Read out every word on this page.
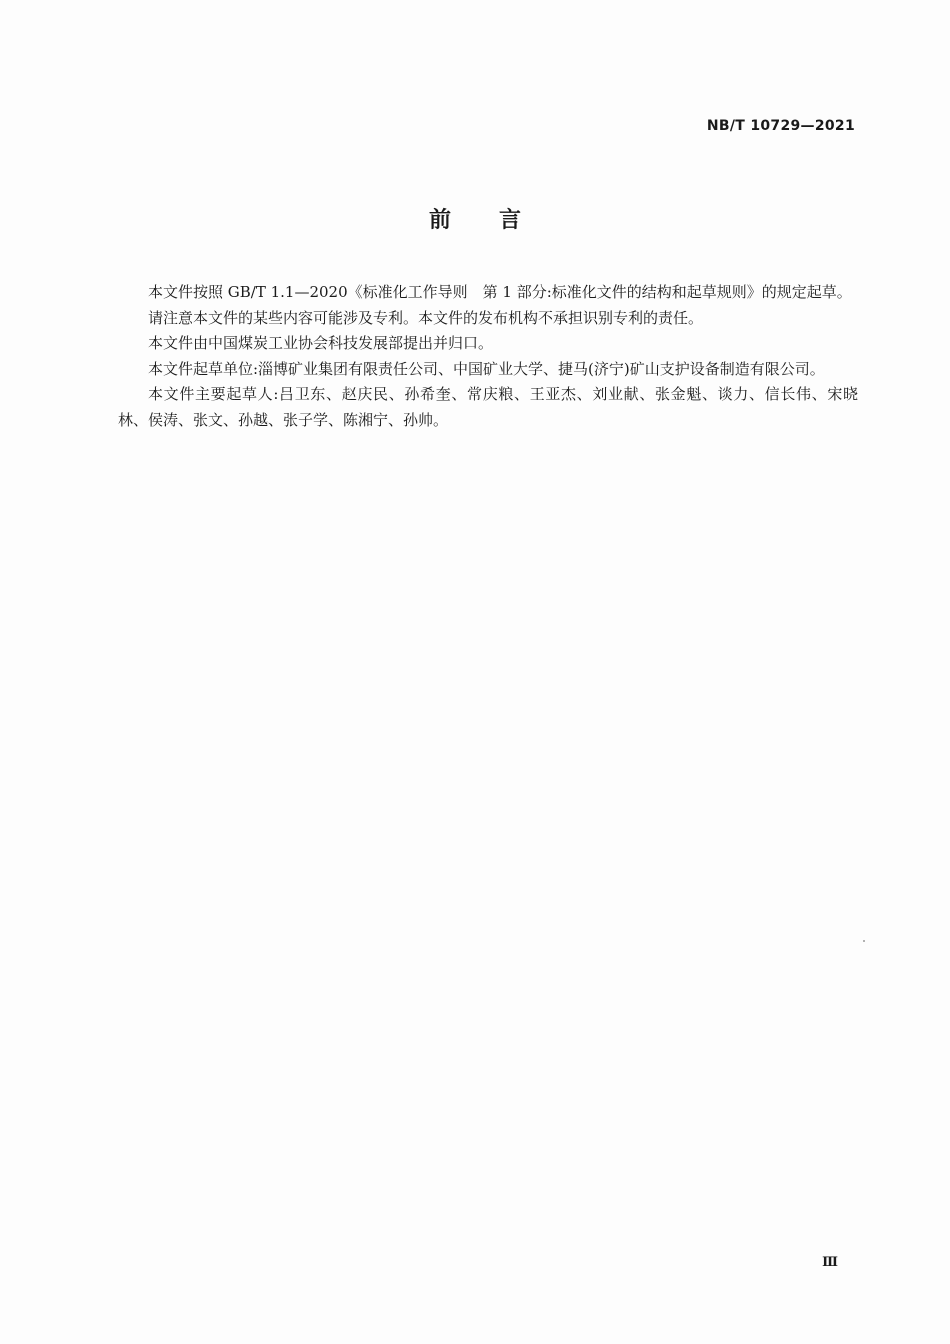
NB/T 10729—2021
前言

本文件按照 GB/T 1.1—2020《标准化工作导则　第 1 部分:标准化文件的结构和起草规则》的规定起草。

请注意本文件的某些内容可能涉及专利。本文件的发布机构不承担识别专利的责任。

本文件由中国煤炭工业协会科技发展部提出并归口。

本文件起草单位:淄博矿业集团有限责任公司、中国矿业大学、捷马(济宁)矿山支护设备制造有限公司。

本文件主要起草人:吕卫东、赵庆民、孙希奎、常庆粮、王亚杰、刘业献、张金魁、谈力、信长伟、宋晓林、侯涛、张文、孙越、张子学、陈湘宁、孙帅。

Ⅲ
